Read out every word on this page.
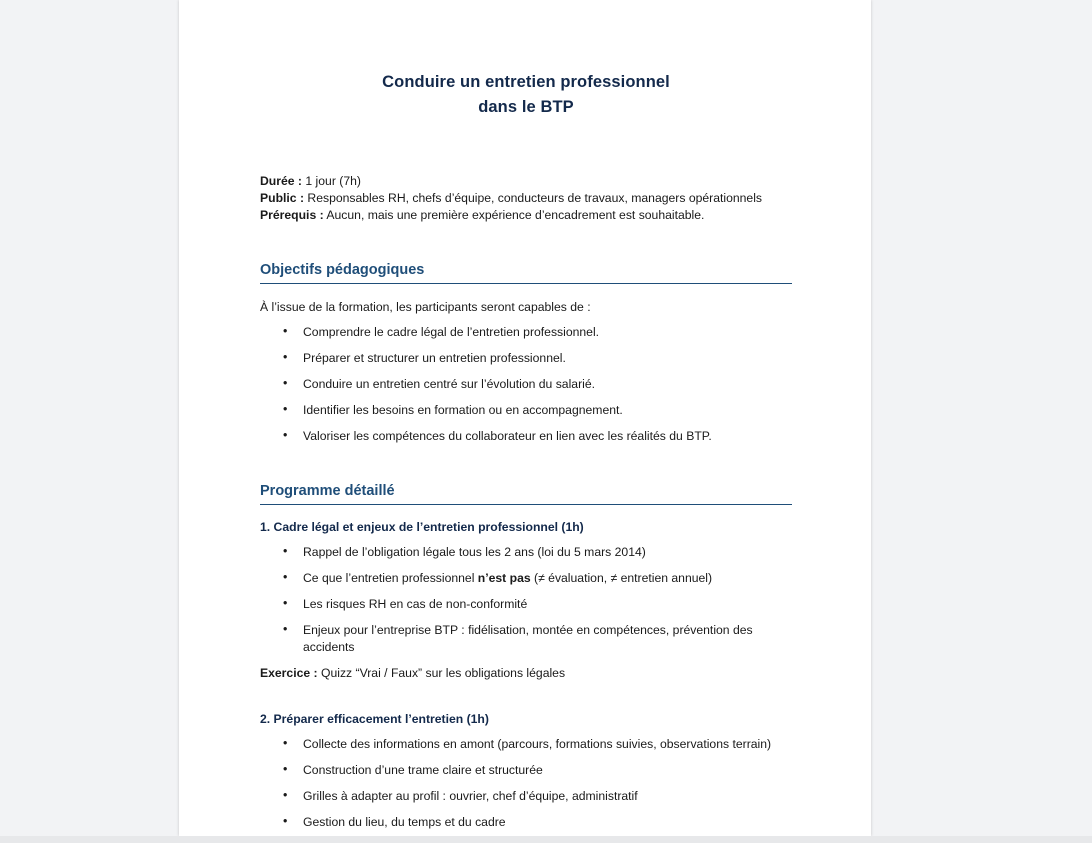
Conduire un entretien professionnel
dans le BTP
Durée : 1 jour (7h)
Public : Responsables RH, chefs d’équipe, conducteurs de travaux, managers opérationnels
Prérequis : Aucun, mais une première expérience d’encadrement est souhaitable.
Objectifs pédagogiques
À l’issue de la formation, les participants seront capables de :
• Comprendre le cadre légal de l’entretien professionnel.
• Préparer et structurer un entretien professionnel.
• Conduire un entretien centré sur l’évolution du salarié.
• Identifier les besoins en formation ou en accompagnement.
• Valoriser les compétences du collaborateur en lien avec les réalités du BTP.
Programme détaillé
1. Cadre légal et enjeux de l’entretien professionnel (1h)
• Rappel de l’obligation légale tous les 2 ans (loi du 5 mars 2014)
• Ce que l’entretien professionnel n’est pas (≠ évaluation, ≠ entretien annuel)
• Les risques RH en cas de non-conformité
• Enjeux pour l’entreprise BTP : fidélisation, montée en compétences, prévention des accidents
Exercice : Quizz “Vrai / Faux” sur les obligations légales
2. Préparer efficacement l’entretien (1h)
• Collecte des informations en amont (parcours, formations suivies, observations terrain)
• Construction d’une trame claire et structurée
• Grilles à adapter au profil : ouvrier, chef d’équipe, administratif
• Gestion du lieu, du temps et du cadre
